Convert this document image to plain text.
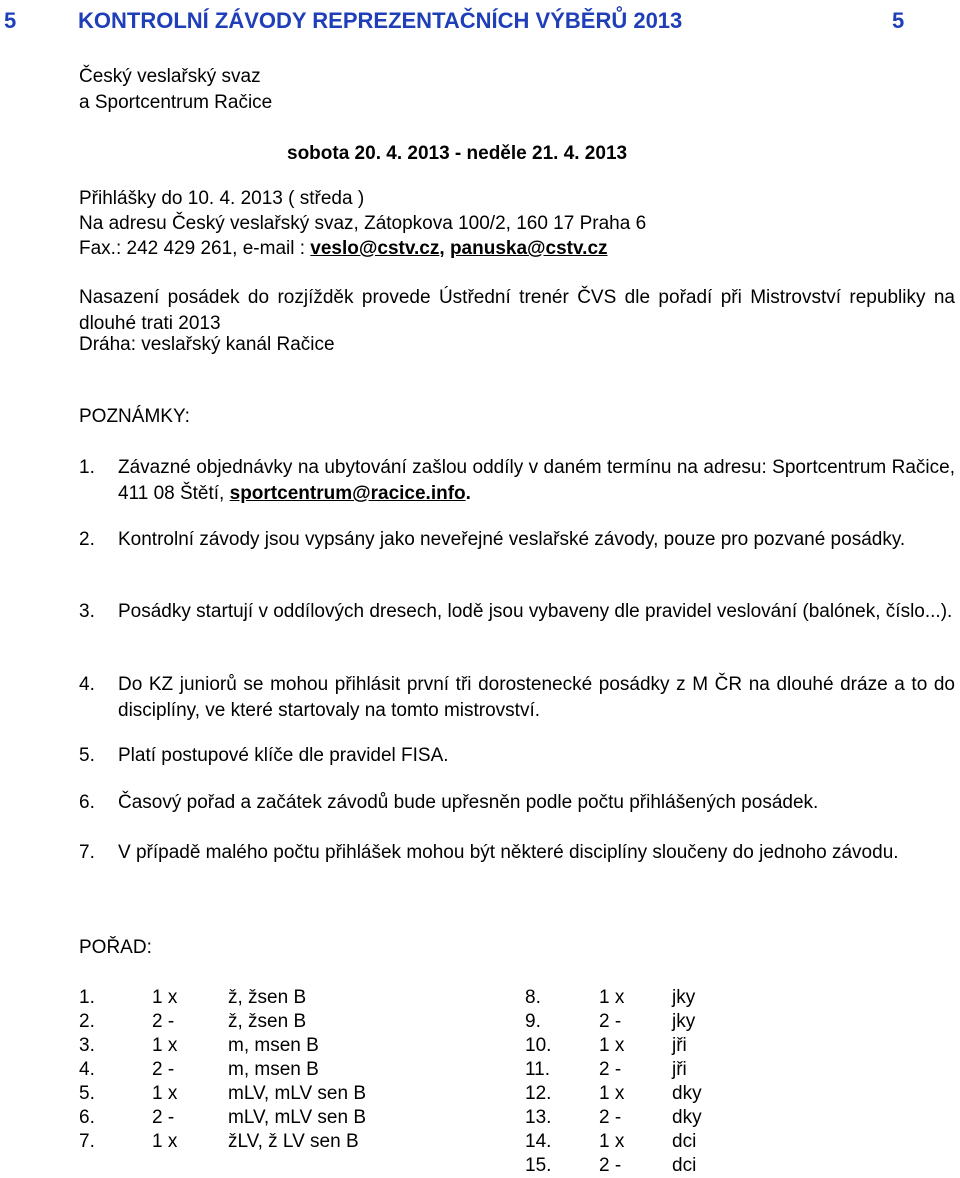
5	KONTROLNÍ ZÁVODY REPREZENTAČNÍCH VÝBĚRŮ 2013	5
Český veslařský svaz
a Sportcentrum Račice
sobota 20. 4. 2013 - neděle 21. 4. 2013
Přihlášky do 10. 4. 2013 ( středa )
Na adresu Český veslařský svaz, Zátopkova 100/2, 160 17 Praha 6
Fax.: 242 429 261, e-mail : veslo@cstv.cz, panuska@cstv.cz
Nasazení posádek do rozjížděk provede Ústřední trenér ČVS dle pořadí při Mistrovství republiky na dlouhé trati 2013
Dráha: veslařský kanál Račice
POZNÁMKY:
1. Závazné objednávky na ubytování zašlou oddíly v daném termínu na adresu: Sportcentrum Račice, 411 08 Štětí, sportcentrum@racice.info.
2. Kontrolní závody jsou vypsány jako neveřejné veslařské závody, pouze pro pozvané posádky.
3. Posádky startují v oddílových dresech, lodě jsou vybaveny dle pravidel veslování (balónek, číslo...).
4. Do KZ juniorů se mohou přihlásit první tři dorostenecké posádky z M ČR na dlouhé dráze a to do disciplíny, ve které startovaly na tomto mistrovství.
5. Platí postupové klíče dle pravidel FISA.
6. Časový pořad a začátek závodů bude upřesněn podle počtu přihlášených posádek.
7. V případě malého počtu přihlášek mohou být některé disciplíny sloučeny do jednoho závodu.
POŘAD:
1.	1 x	ž, žsen B
2.	2 -	ž, žsen B
3.	1 x	m, msen B
4.	2 -	m, msen B
5.	1 x	mLV, mLV sen B
6.	2 -	mLV, mLV sen B
7.	1 x	žLV, ž LV sen B
8.	1 x	jky
9.	2 -	jky
10.	1 x	jři
11.	2 -	jři
12.	1 x	dky
13.	2 -	dky
14.	1 x	dci
15.	2 -	dci
